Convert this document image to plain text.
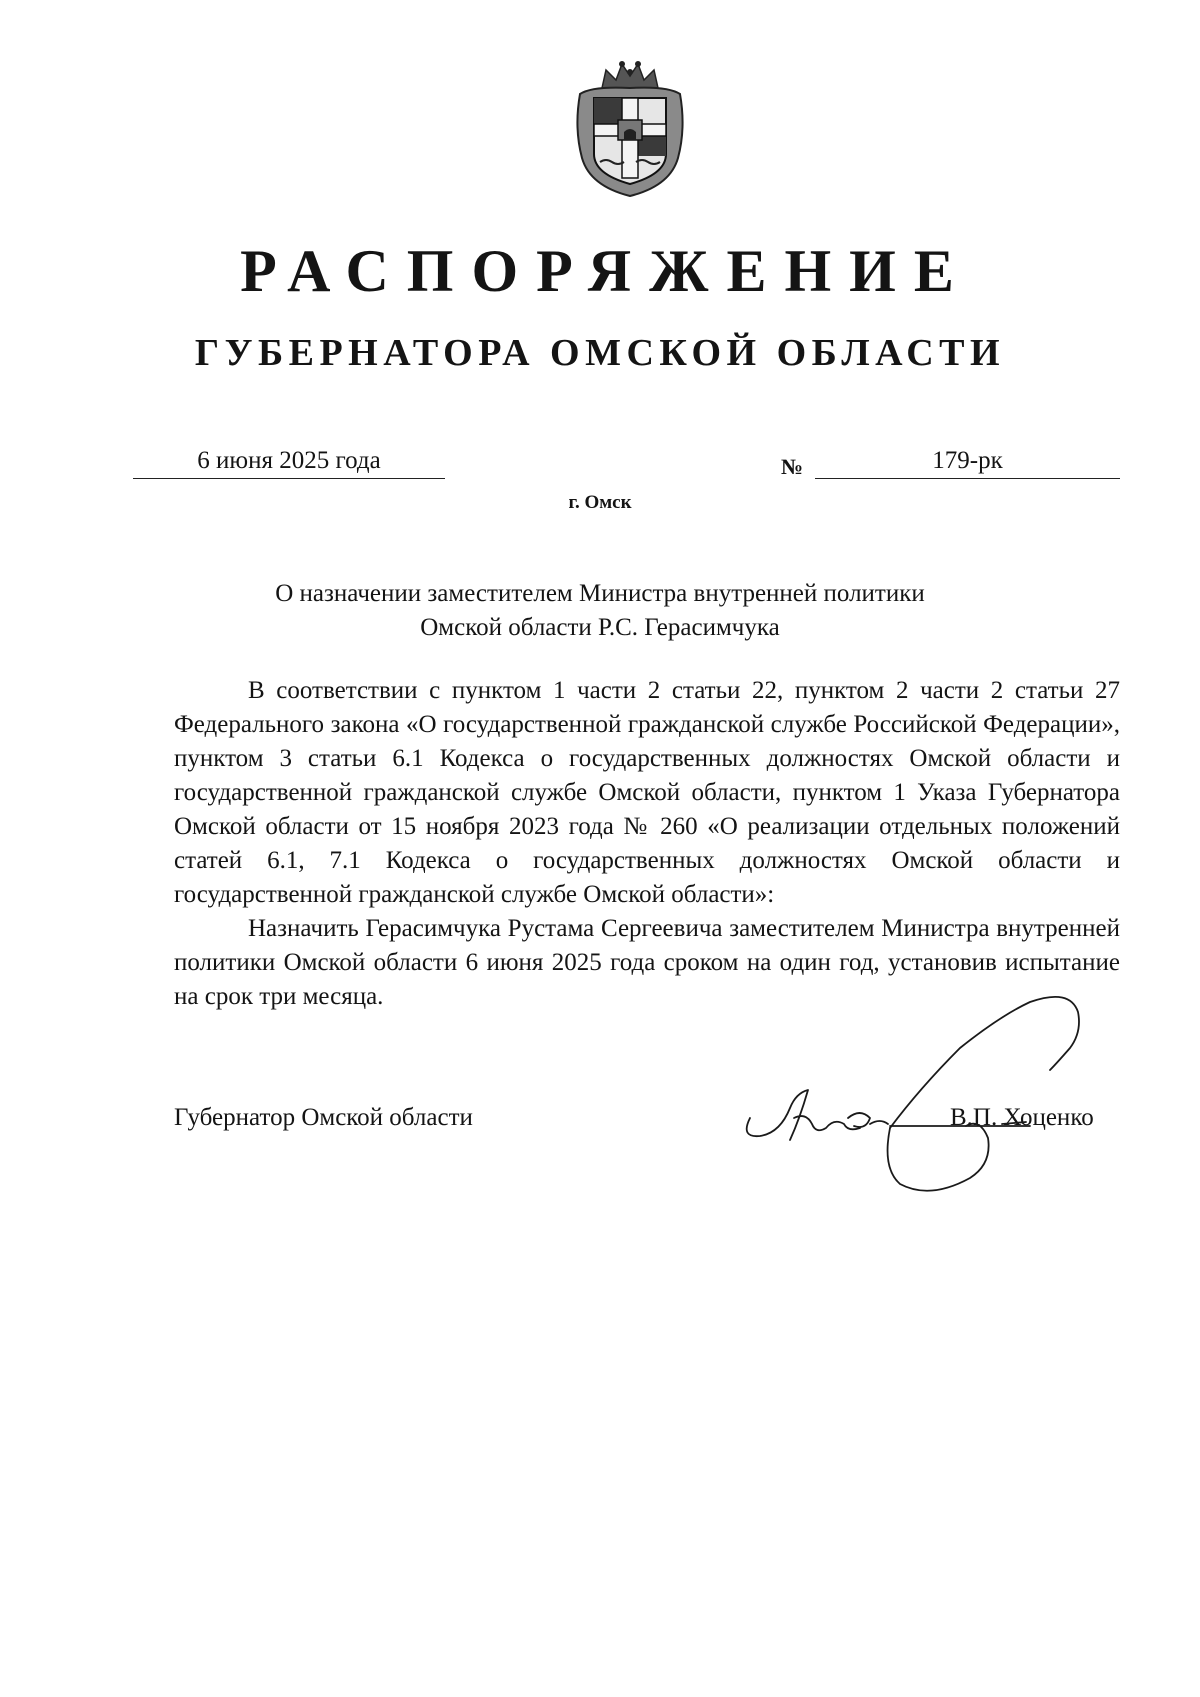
РАСПОРЯЖЕНИЕ
ГУБЕРНАТОРА ОМСКОЙ ОБЛАСТИ
6 июня 2025 года	№	179-рк
г. Омск
О назначении заместителем Министра внутренней политики
Омской области Р.С. Герасимчука

В соответствии с пунктом 1 части 2 статьи 22, пунктом 2 части 2 статьи 27 Федерального закона «О государственной гражданской службе Российской Федерации», пунктом 3 статьи 6.1 Кодекса о государственных должностях Омской области и государственной гражданской службе Омской области, пунктом 1 Указа Губернатора Омской области от 15 ноября 2023 года № 260 «О реализации отдельных положений статей 6.1, 7.1 Кодекса о государственных должностях Омской области и государственной гражданской службе Омской области»:

Назначить Герасимчука Рустама Сергеевича заместителем Министра внутренней политики Омской области 6 июня 2025 года сроком на один год, установив испытание на срок три месяца.

Губернатор Омской области	В.П. Хоценко
